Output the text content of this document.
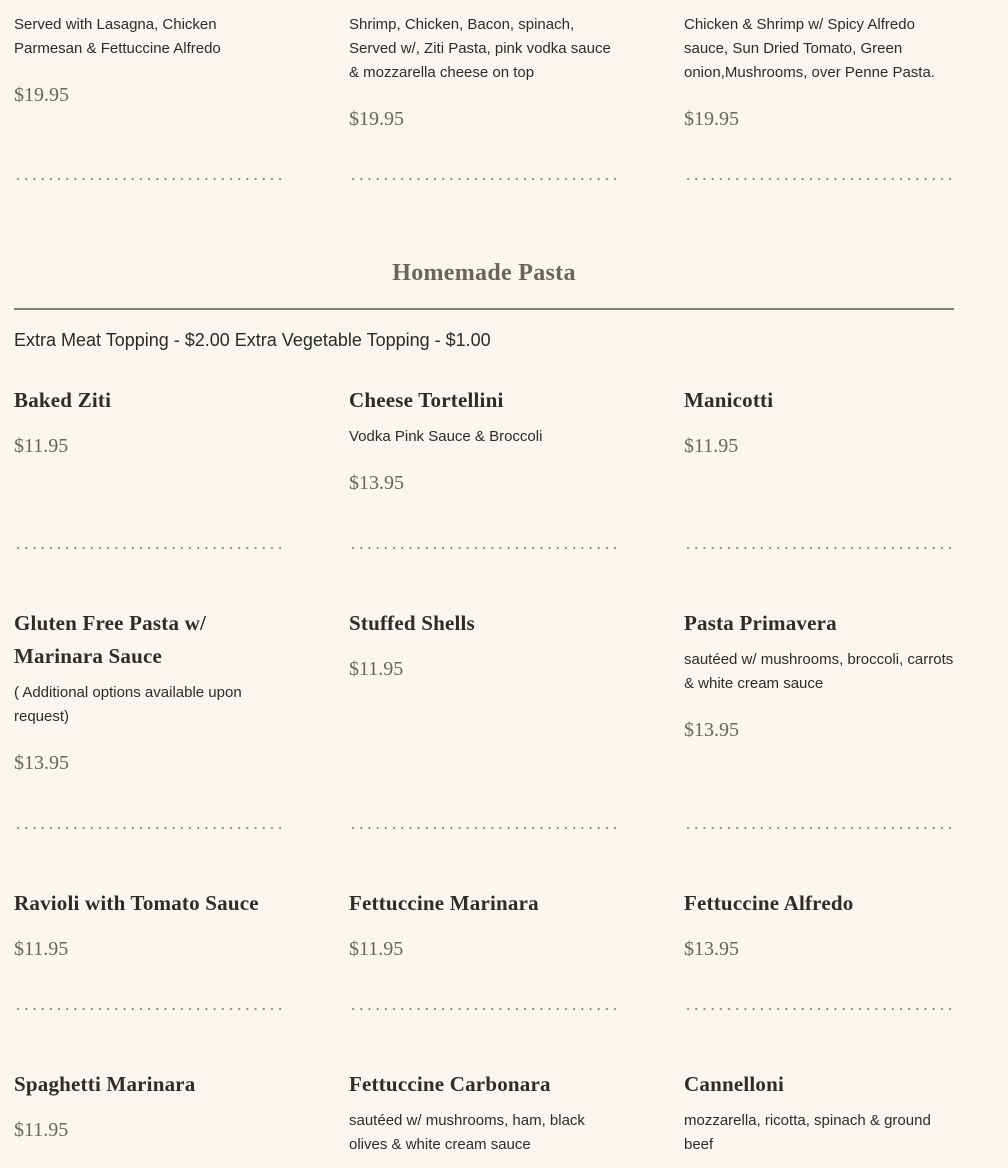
Served with Lasagna, Chicken Parmesan & Fettuccine Alfredo

$19.95

Shrimp, Chicken, Bacon, spinach, Served w/, Ziti Pasta, pink vodka sauce & mozzarella cheese on top

$19.95

Chicken & Shrimp w/ Spicy Alfredo sauce, Sun Dried Tomato, Green onion,Mushrooms, over Penne Pasta.

$19.95

Homemade Pasta

Extra Meat Topping - $2.00 Extra Vegetable Topping - $1.00

Baked Ziti

$11.95

Cheese Tortellini

Vodka Pink Sauce & Broccoli

$13.95

Manicotti

$11.95

Gluten Free Pasta w/ Marinara Sauce

( Additional options available upon request)

$13.95

Stuffed Shells

$11.95

Pasta Primavera

sautéed w/ mushrooms, broccoli, carrots & white cream sauce

$13.95

Ravioli with Tomato Sauce

$11.95

Fettuccine Marinara

$11.95

Fettuccine Alfredo

$13.95

Spaghetti Marinara

$11.95

Fettuccine Carbonara

sautéed w/ mushrooms, ham, black olives & white cream sauce

Cannelloni

mozzarella, ricotta, spinach & ground beef
